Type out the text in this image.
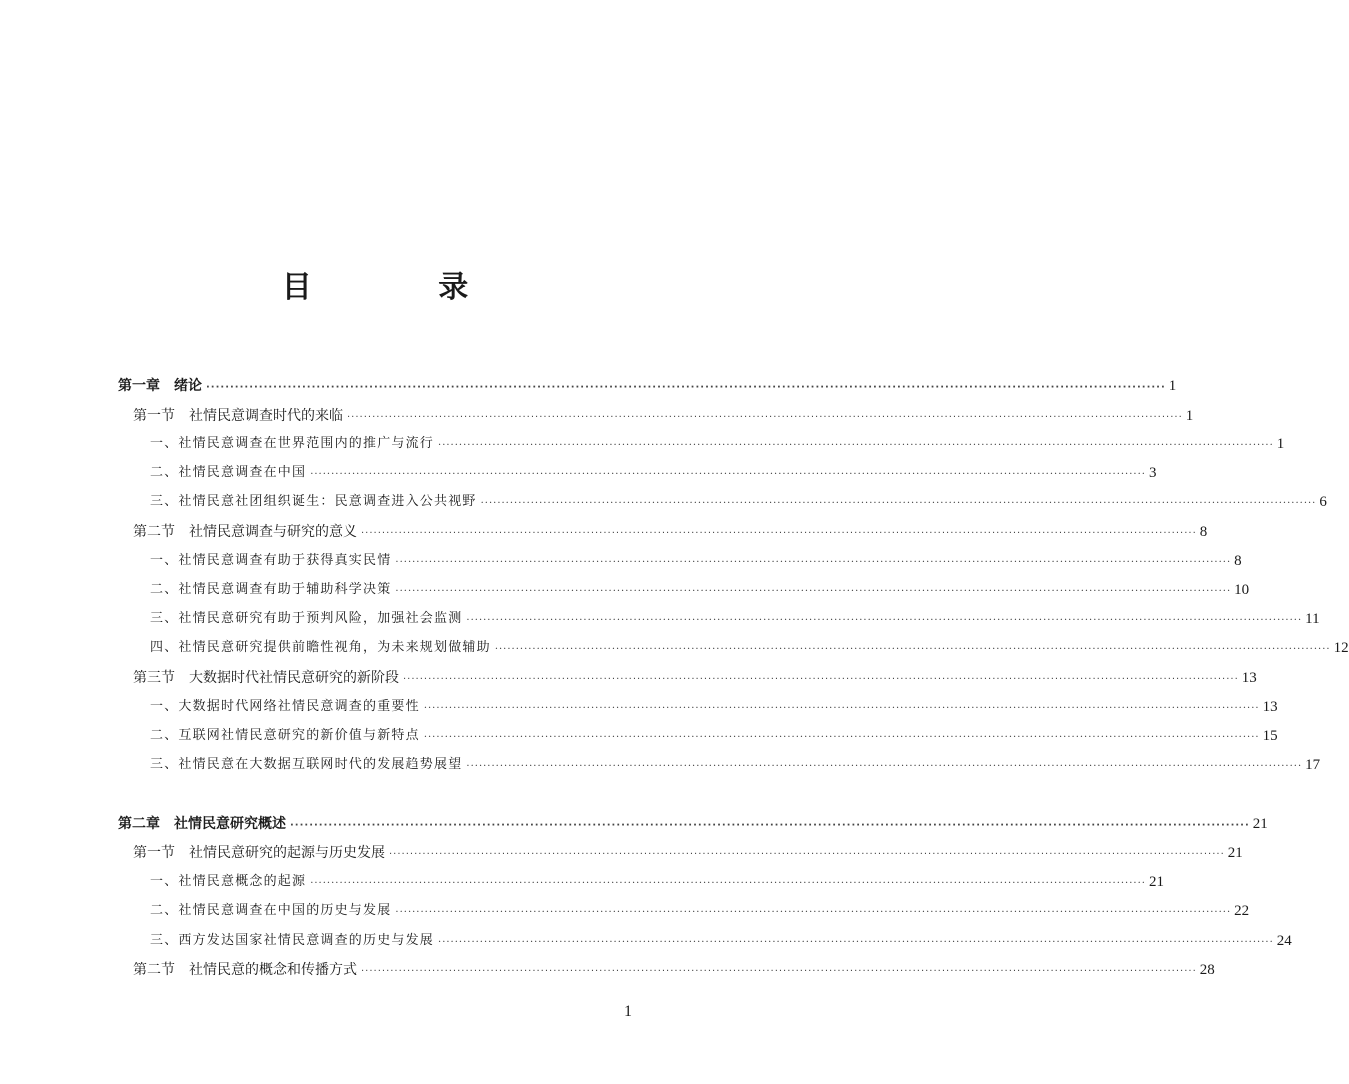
目 录
第一章　绪论 ········································································································································································································ 1
第一节　社情民意调查时代的来临 ········································································································································································································ 1
一、社情民意调查在世界范围内的推广与流行 ········································································································································································································ 1
二、社情民意调查在中国 ········································································································································································································ 3
三、社情民意社团组织诞生：民意调查进入公共视野 ········································································································································································································ 6
第二节　社情民意调查与研究的意义 ········································································································································································································ 8
一、社情民意调查有助于获得真实民情 ········································································································································································································ 8
二、社情民意调查有助于辅助科学决策 ········································································································································································································ 10
三、社情民意研究有助于预判风险，加强社会监测 ········································································································································································································ 11
四、社情民意研究提供前瞻性视角，为未来规划做辅助 ········································································································································································································ 12
第三节　大数据时代社情民意研究的新阶段 ········································································································································································································ 13
一、大数据时代网络社情民意调查的重要性 ········································································································································································································ 13
二、互联网社情民意研究的新价值与新特点 ········································································································································································································ 15
三、社情民意在大数据互联网时代的发展趋势展望 ········································································································································································································ 17
第二章　社情民意研究概述 ········································································································································································································ 21
第一节　社情民意研究的起源与历史发展 ········································································································································································································ 21
一、社情民意概念的起源 ········································································································································································································ 21
二、社情民意调查在中国的历史与发展 ········································································································································································································ 22
三、西方发达国家社情民意调查的历史与发展 ········································································································································································································ 24
第二节　社情民意的概念和传播方式 ········································································································································································································ 28
1
